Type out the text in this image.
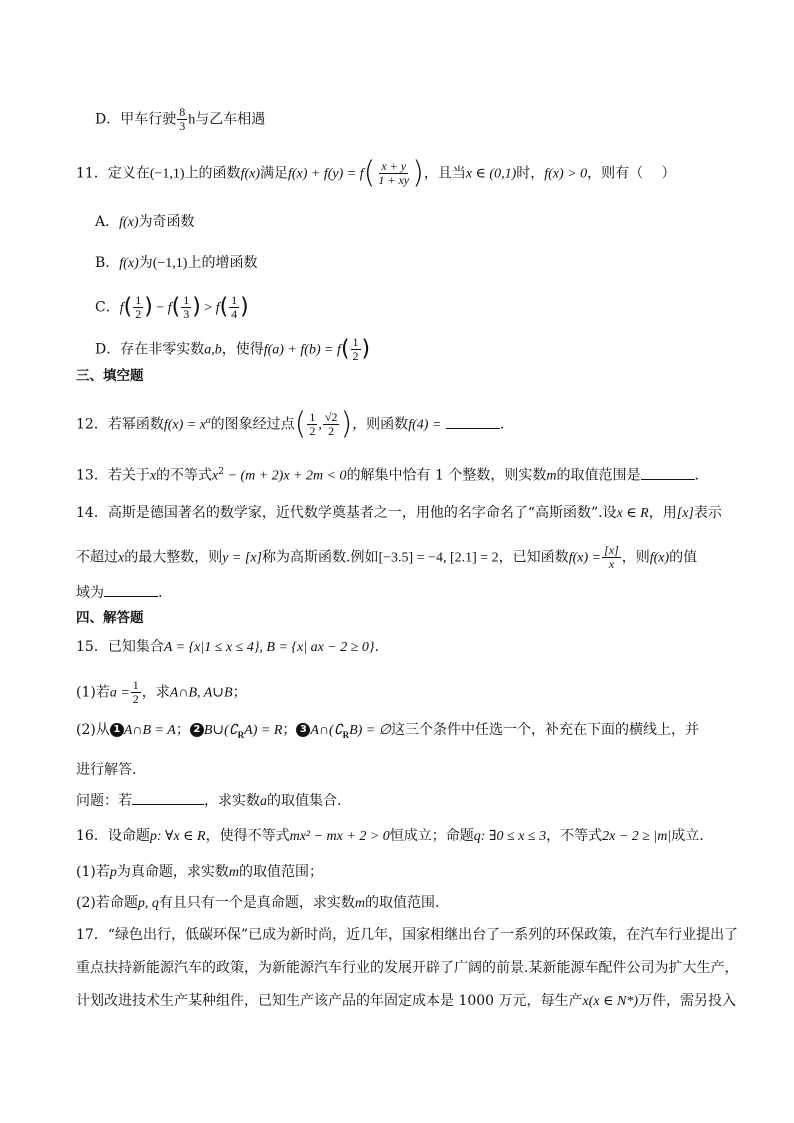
D．甲车行驶 $\frac{8}{3}$ h与乙车相遇
11．定义在(−1,1)上的函数f(x)满足$f(x) + f(y) = f( \frac{x + y}{1 + xy}$ )，且当x ∈ (0,1)时，f(x) > 0，则有（　 ）
A．f(x)为奇函数
B．f(x)为(−1,1)上的增函数
C．$f( \frac{1}{2}$ ) − $f( \frac{1}{3}$ ) > $f( \frac{1}{4}$ )
D．存在非零实数a,b，使得$f(a) + f(b) = f( \frac{1}{2}$ )
三、填空题
12．若幂函数$f(x) = x^\alpha$的图象经过点( $\frac{1}{2}$ , $\frac{√2}{2}$ )，则函数f(4) =	.
13．若关于x的不等式$x^2 - (m + 2)x + 2m < 0$的解集中恰有 1 个整数，则实数m的取值范围是	.
14．高斯是德国著名的数学家，近代数学奠基者之一，用他的名字命名了“高斯函数”.设x ∈ R，用[x]表示
不超过x的最大整数，则y = [x]称为高斯函数.例如[−3.5] = −4, [2.1] = 2，已知函数$f(x) = \frac{[x]}{x}$ ，则f(x)的值
域为	.
四、解答题
15．已知集合A = {x|1 ≤ x ≤ 4}, B = {x| ax − 2 ≥ 0}.
(1)若$a = \frac{1}{2}$ ，求A∩B, A∪B；
(2)从 1 A∩B = A； 2 $B\cup(∁_RA) = R$； 3 $A\cap(∁_RB)$ = ∅这三个条件中任选一个，补充在下面的横线上，并
进行解答.
问题：若	，求实数a的取值集合.
16．设命题p: ∀x ∈ R，使得不等式mx² − mx + 2 > 0恒成立；命题q: ∃0 ≤ x ≤ 3，不等式2x − 2 ≥ |m|成立.
(1)若p为真命题，求实数m的取值范围；
(2)若命题p, q有且只有一个是真命题，求实数m的取值范围.
17．“绿色出行，低碳环保”已成为新时尚，近几年，国家相继出台了一系列的环保政策，在汽车行业提出了
重点扶持新能源汽车的政策，为新能源汽车行业的发展开辟了广阔的前景.某新能源车配件公司为扩大生产，
计划改进技术生产某种组件，已知生产该产品的年固定成本是 1000 万元，每生产x(x ∈ N*)万件，需另投入
